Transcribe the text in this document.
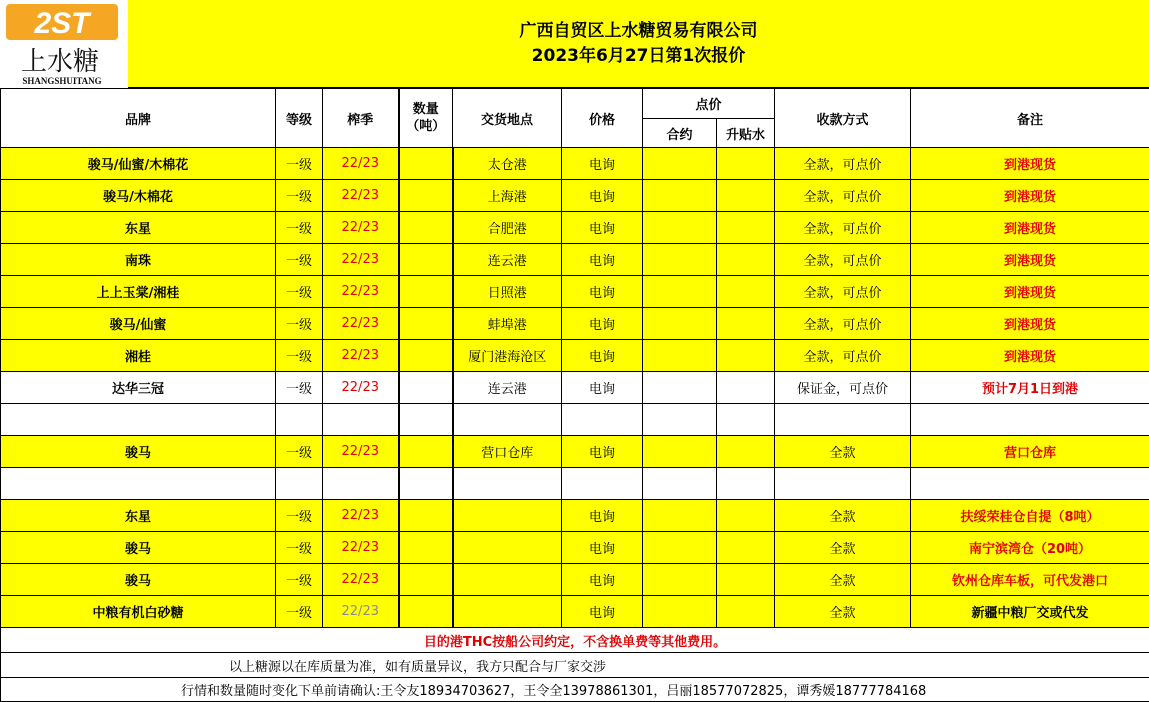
2ST
上水糖
SHANGSHUITANG
广西自贸区上水糖贸易有限公司
2023年6月27日第1次报价
品牌	等级	榨季	数量（吨）	交货地点	价格	点价		收款方式	备注
						合约	升贴水		
骏马/仙蜜/木棉花	一级	22/23		太仓港	电询			全款，可点价	到港现货
骏马/木棉花	一级	22/23		上海港	电询			全款，可点价	到港现货
东星	一级	22/23		合肥港	电询			全款，可点价	到港现货
南珠	一级	22/23		连云港	电询			全款，可点价	到港现货
上上玉棠/湘桂	一级	22/23		日照港	电询			全款，可点价	到港现货
骏马/仙蜜	一级	22/23		蚌埠港	电询			全款，可点价	到港现货
湘桂	一级	22/23		厦门港海沧区	电询			全款，可点价	到港现货
达华三冠	一级	22/23		连云港	电询			保证金，可点价	预计7月1日到港

骏马	一级	22/23		营口仓库	电询			全款	营口仓库

东星	一级	22/23			电询			全款	扶绥荣桂仓自提（8吨）
骏马	一级	22/23			电询			全款	南宁滨湾仓（20吨）
骏马	一级	22/23			电询			全款	钦州仓库车板，可代发港口
中粮有机白砂糖	一级	22/23			电询			全款	新疆中粮厂交或代发
目的港THC按船公司约定，不含换单费等其他费用。									
以上糖源以在库质量为准，如有质量异议，我方只配合与厂家交涉									
行情和数量随时变化下单前请确认:王令友18934703627，王令全13978861301，吕丽18577072825，谭秀媛18777784168									
